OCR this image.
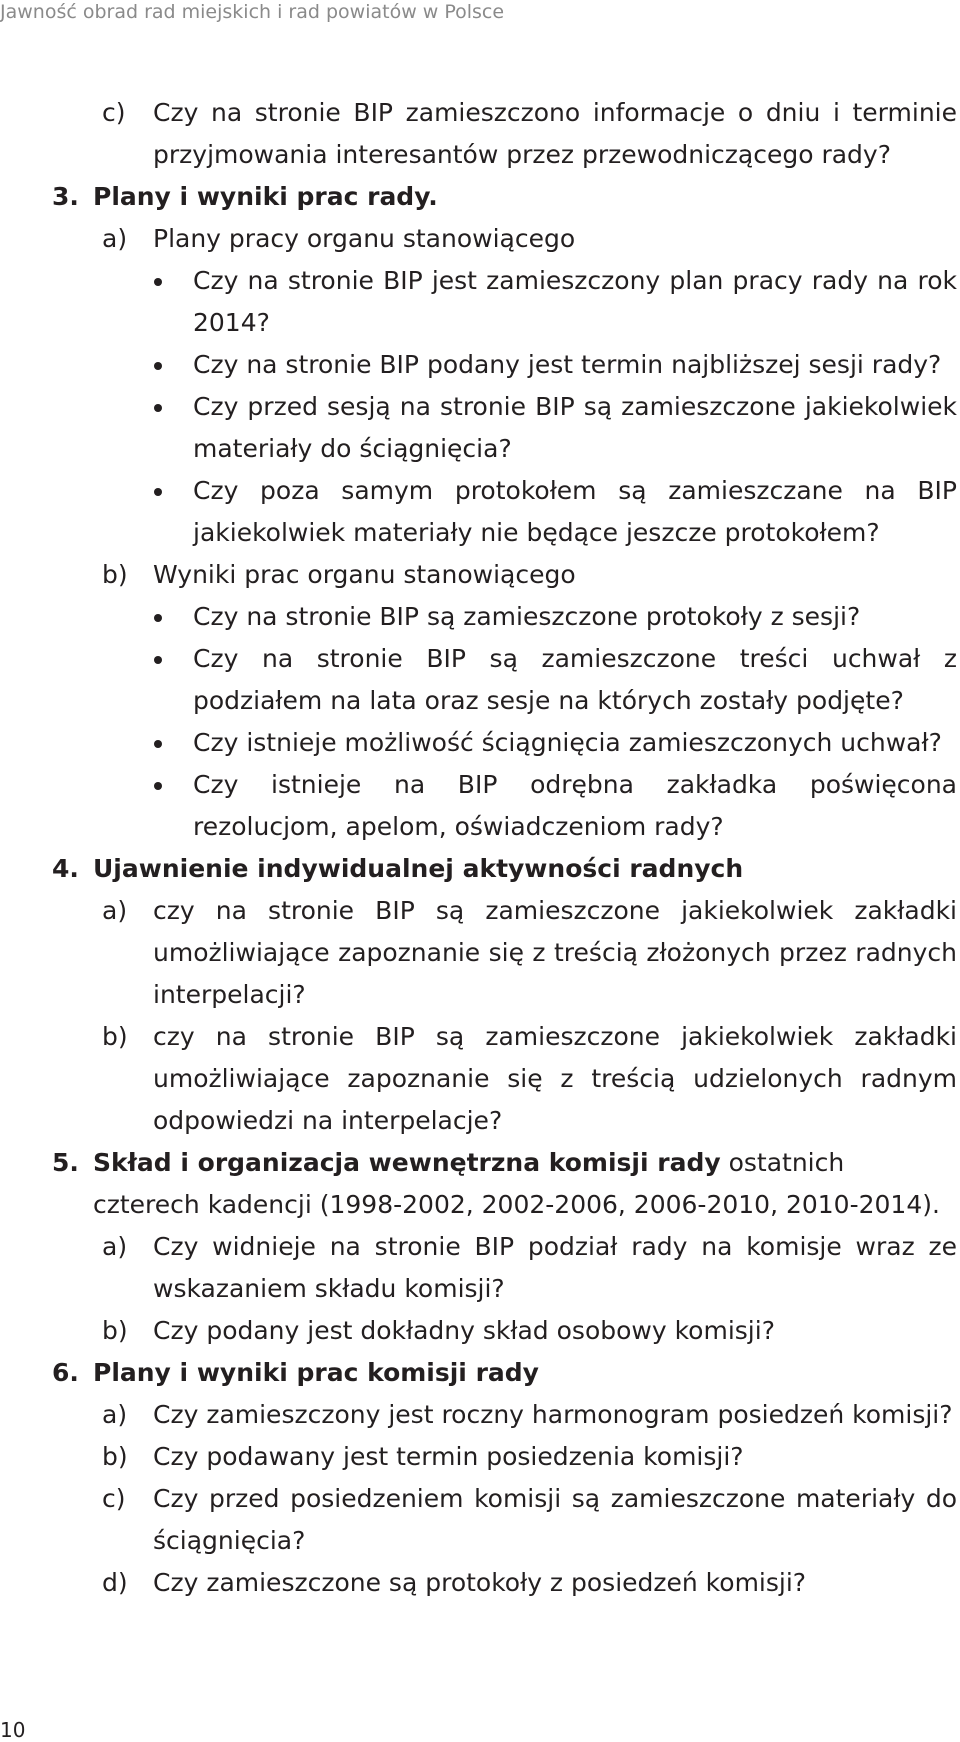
Jawność obrad rad miejskich i rad powiatów w Polsce

c) Czy na stronie BIP zamieszczono informacje o dniu i terminie przyjmowania interesantów przez przewodniczącego rady?

3. Plany i wyniki prac rady.

a) Plany pracy organu stanowiącego

Czy na stronie BIP jest zamieszczony plan pracy rady na rok 2014?

Czy na stronie BIP podany jest termin najbliższej sesji rady?

Czy przed sesją na stronie BIP są zamieszczone jakiekolwiek materiały do ściągnięcia?

Czy poza samym protokołem są zamieszczane na BIP jakiekolwiek materiały nie będące jeszcze protokołem?

b) Wyniki prac organu stanowiącego

Czy na stronie BIP są zamieszczone protokoły z sesji?

Czy na stronie BIP są zamieszczone treści uchwał z podziałem na lata oraz sesje na których zostały podjęte?

Czy istnieje możliwość ściągnięcia zamieszczonych uchwał?

Czy istnieje na BIP odrębna zakładka poświęcona rezolucjom, apelom, oświadczeniom rady?

4. Ujawnienie indywidualnej aktywności radnych

a) czy na stronie BIP są zamieszczone jakiekolwiek zakładki umożliwiające zapoznanie się z treścią złożonych przez radnych interpelacji?

b) czy na stronie BIP są zamieszczone jakiekolwiek zakładki umożliwiające zapoznanie się z treścią udzielonych radnym odpowiedzi na interpelacje?

5. Skład i organizacja wewnętrzna komisji rady ostatnich czterech kadencji (1998-2002, 2002-2006, 2006-2010, 2010-2014).

a) Czy widnieje na stronie BIP podział rady na komisje wraz ze wskazaniem składu komisji?

b) Czy podany jest dokładny skład osobowy komisji?

6. Plany i wyniki prac komisji rady

a) Czy zamieszczony jest roczny harmonogram posiedzeń komisji?

b) Czy podawany jest termin posiedzenia komisji?

c) Czy przed posiedzeniem komisji są zamieszczone materiały do ściągnięcia?

d) Czy zamieszczone są protokoły z posiedzeń komisji?

10
